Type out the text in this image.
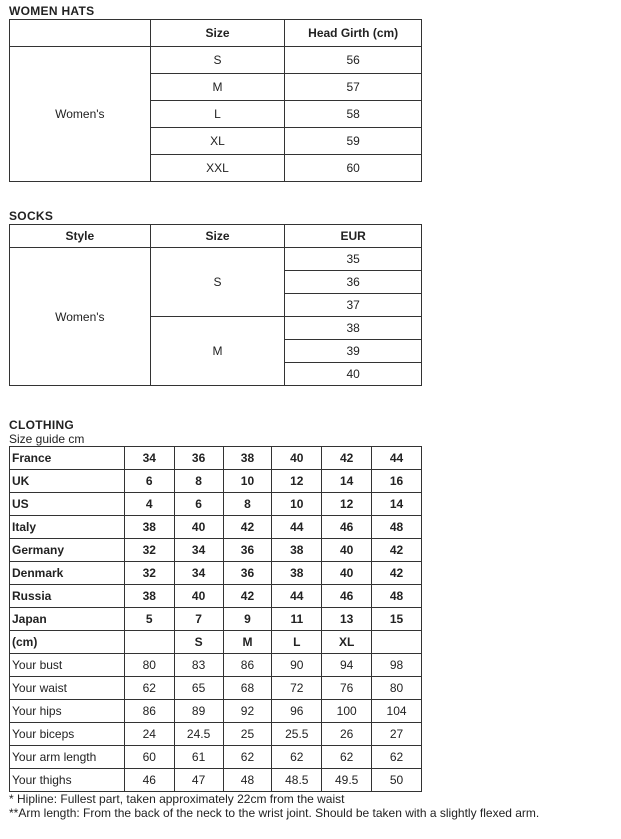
WOMEN HATS
	Size	Head Girth (cm)
Women's	S	56
	M	57
	L	58
	XL	59
	XXL	60
SOCKS
Style	Size	EUR
Women's	S	35
		36
		37
	M	38
		39
		40
CLOTHING

Size guide cm

France	34	36	38	40	42	44
UK	6	8	10	12	14	16
US	4	6	8	10	12	14
Italy	38	40	42	44	46	48
Germany	32	34	36	38	40	42
Denmark	32	34	36	38	40	42
Russia	38	40	42	44	46	48
Japan	5	7	9	11	13	15
(cm)		S	M	L	XL	
Your bust	80	83	86	90	94	98
Your waist	62	65	68	72	76	80
Your hips	86	89	92	96	100	104
Your biceps	24	24.5	25	25.5	26	27
Your arm length	60	61	62	62	62	62
Your thighs	46	47	48	48.5	49.5	50

* Hipline: Fullest part, taken approximately 22cm from the waist

**Arm length: From the back of the neck to the wrist joint. Should be taken with a slightly flexed arm.
